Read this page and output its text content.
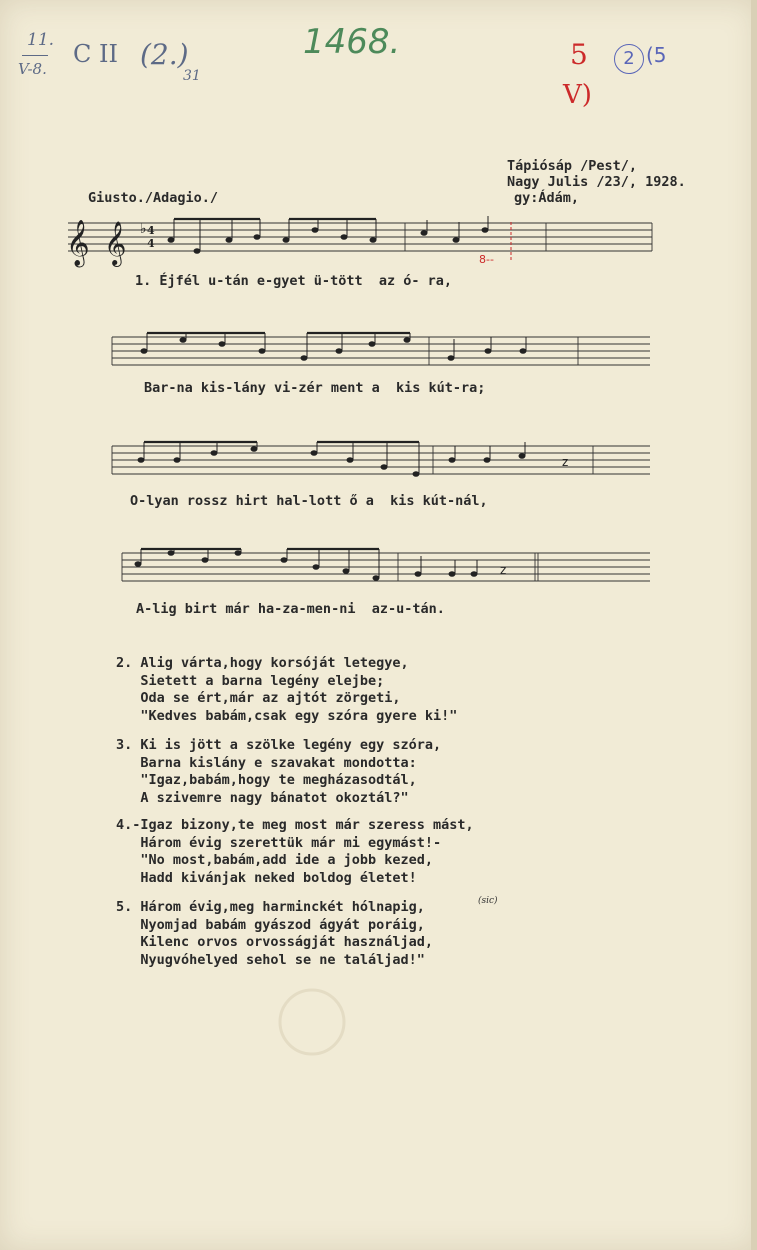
11.
V-8.
C II (2.)
31
1468.	5
V)
2 (5
Tápiósáp /Pest/,
Nagy Julis /23/, 1928.
gy:Ádám,
Giusto./Adagio./
𝄞 𝄞 ♭ 4
4
8--
z
z
1. Éjfél u-tán e-gyet ü-tött  az ó- ra,
Bar-na kis-lány vi-zér ment a  kis kút-ra;
O-lyan rossz hirt hal-lott ő a  kis kút-nál,
A-lig birt már ha-za-men-ni  az-u-tán.
2. Alig várta,hogy korsóját letegye,
Sietett a barna legény elejbe;
Oda se ért,már az ajtót zörgeti,
"Kedves babám,csak egy szóra gyere ki!"
3. Ki is jött a szölke legény egy szóra,
Barna kislány e szavakat mondotta:
"Igaz,babám,hogy te megházasodtál,
A szivemre nagy bánatot okoztál?"
4.-Igaz bizony,te meg most már szeress mást,
Három évig szerettük már mi egymást!-
"No most,babám,add ide a jobb kezed,
Hadd kivánjak neked boldog életet!
5. Három évig,meg harminckét hólnapig,
Nyomjad babám gyászod ágyát poráig,
Kilenc orvos orvosságját használjad,
Nyugvóhelyed sehol se ne találjad!"
(sic)
